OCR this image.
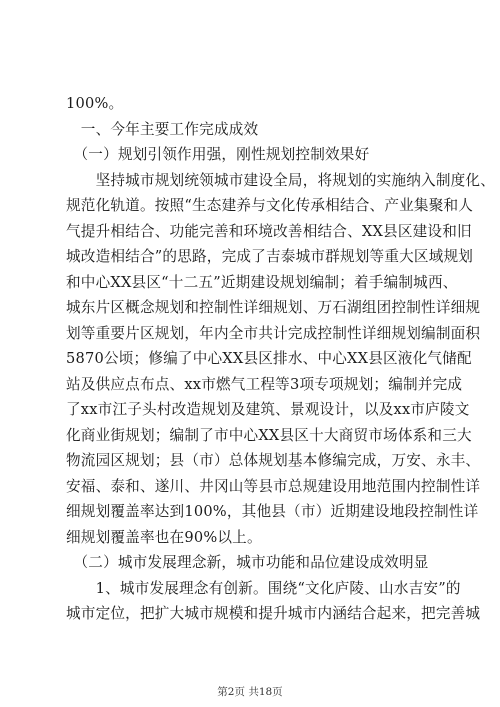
100%。
　一、今年主要工作完成成效
　（一）规划引领作用强，刚性规划控制效果好
　　坚持城市规划统领城市建设全局，将规划的实施纳入制度化、
规范化轨道。按照“生态建养与文化传承相结合、产业集聚和人
气提升相结合、功能完善和环境改善相结合、XX县区建设和旧
城改造相结合”的思路，完成了吉泰城市群规划等重大区域规划
和中心XX县区“十二五”近期建设规划编制；着手编制城西、
城东片区概念规划和控制性详细规划、万石湖组团控制性详细规
划等重要片区规划，年内全市共计完成控制性详细规划编制面积
5870公顷；修编了中心XX县区排水、中心XX县区液化气储配
站及供应点布点、xx市燃气工程等3项专项规划；编制并完成
了xx市江子头村改造规划及建筑、景观设计，以及xx市庐陵文
化商业街规划；编制了市中心XX县区十大商贸市场体系和三大
物流园区规划；县（市）总体规划基本修编完成，万安、永丰、
安福、泰和、遂川、井冈山等县市总规建设用地范围内控制性详
细规划覆盖率达到100%，其他县（市）近期建设地段控制性详
细规划覆盖率也在90%以上。
　（二）城市发展理念新，城市功能和品位建设成效明显
　　1、城市发展理念有创新。围绕“文化庐陵、山水吉安”的
城市定位，把扩大城市规模和提升城市内涵结合起来，把完善城
第2页 共18页
